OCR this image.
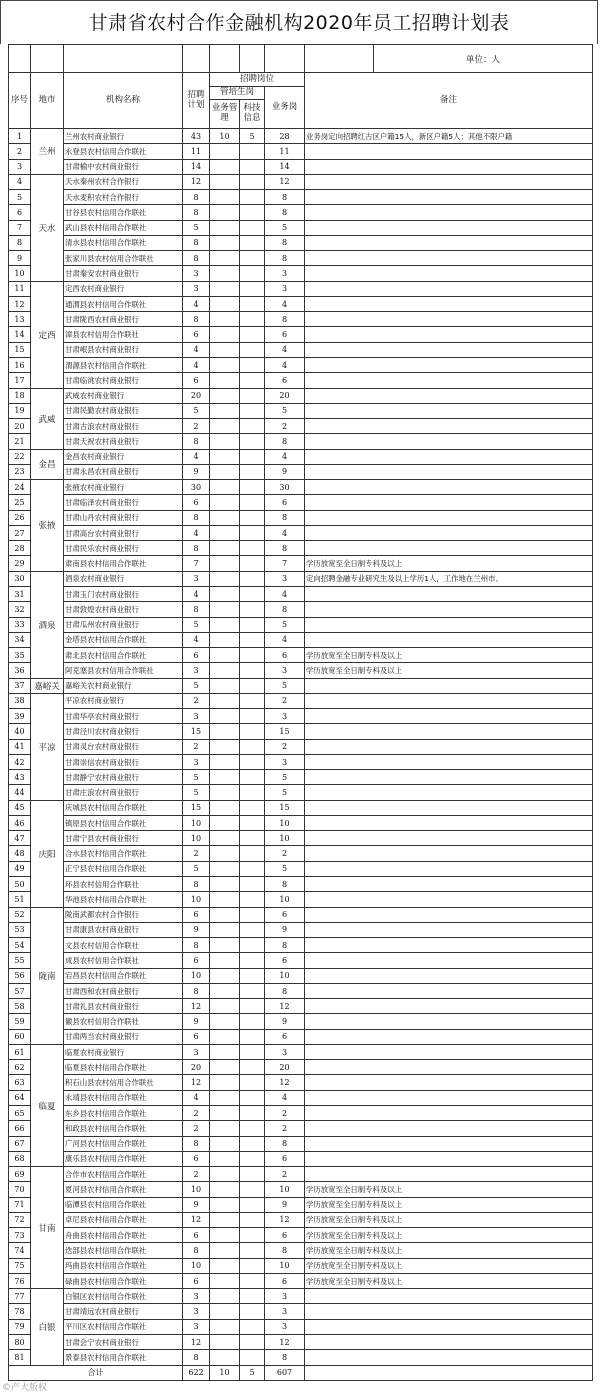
甘肃省农村合作金融机构2020年员工招聘计划表
								单位：人
序号	地市	机构名称	招聘计划	招聘岗位			备注	
				管培生岗		业务岗		
				业务管理	科技信息			
1	兰州	兰州农村商业银行	43	10	5	28	业务岗定向招聘红古区户籍15人，新区户籍5人；其他不限户籍	
2		永登县农村信用合作联社	11			11		
3		甘肃榆中农村商业银行	14			14		
4	天水	天水秦州农村合作银行	12			12		
5		天水麦积农村合作银行	8			8		
6		甘谷县农村信用合作联社	8			8		
7		武山县农村信用合作联社	5			5		
8		清水县农村信用合作联社	8			8		
9		张家川县农村信用合作联社	8			8		
10		甘肃秦安农村商业银行	3			3		
11	定西	定西农村商业银行	3			3		
12		通渭县农村信用合作联社	4			4		
13		甘肃陇西农村商业银行	8			8		
14		漳县农村信用合作联社	6			6		
15		甘肃岷县农村商业银行	4			4		
16		渭源县农村信用合作联社	4			4		
17		甘肃临洮农村商业银行	6			6		
18	武威	武威农村商业银行	20			20		
19		甘肃民勤农村商业银行	5			5		
20		甘肃古浪农村商业银行	2			2		
21		甘肃天祝农村商业银行	8			8		
22	金昌	金昌农村商业银行	4			4		
23		甘肃永昌农村商业银行	9			9		
24	张掖	张掖农村商业银行	30			30		
25		甘肃临泽农村商业银行	6			6		
26		甘肃山丹农村商业银行	8			8		
27		甘肃高台农村商业银行	4			4		
28		甘肃民乐农村商业银行	8			8		
29		肃南县农村信用合作联社	7			7	学历放宽至全日制专科及以上	
30	酒泉	酒泉农村商业银行	3			3	定向招聘金融专业研究生及以上学历1人，工作地在兰州市。	
31		甘肃玉门农村商业银行	4			4		
32		甘肃敦煌农村商业银行	8			8		
33		甘肃瓜州农村商业银行	5			5		
34		金塔县农村信用合作联社	4			4		
35		肃北县农村信用合作联社	6			6	学历放宽至全日制专科及以上	
36		阿克塞县农村信用合作联社	3			3	学历放宽至全日制专科及以上	
37	嘉峪关	嘉峪关农村商业银行	5			5		
38	平凉	平凉农村商业银行	2			2		
39		甘肃华亭农村商业银行	3			3		
40		甘肃泾川农村商业银行	15			15		
41		甘肃灵台农村商业银行	2			2		
42		甘肃崇信农村商业银行	3			3		
43		甘肃静宁农村商业银行	5			5		
44		甘肃庄浪农村商业银行	5			5		
45	庆阳	庆城县农村信用合作联社	15			15		
46		镇原县农村信用合作联社	10			10		
47		甘肃宁县农村商业银行	10			10		
48		合水县农村信用合作联社	2			2		
49		正宁县农村信用合作联社	5			5		
50		环县农村信用合作联社	8			8		
51		华池县农村信用合作联社	10			10		
52	陇南	陇南武都农村合作银行	6			6		
53		甘肃康县农村商业银行	9			9		
54		文县农村信用合作联社	8			8		
55		成县农村信用合作联社	6			6		
56		宕昌县农村信用合作联社	10			10		
57		甘肃西和农村商业银行	8			8		
58		甘肃礼县农村商业银行	12			12		
59		徽县农村信用合作联社	9			9		
60		甘肃两当农村商业银行	6			6		
61	临夏	临夏农村商业银行	3			3		
62		临夏县农村信用合作联社	20			20		
63		积石山县农村信用合作联社	12			12		
64		永靖县农村信用合作联社	4			4		
65		东乡县农村信用合作联社	2			2		
66		和政县农村信用合作联社	2			2		
67		广河县农村信用合作联社	8			8		
68		康乐县农村信用合作联社	6			6		
69	甘南	合作市农村信用合作联社	2			2		
70		夏河县农村信用合作联社	10			10	学历放宽至全日制专科及以上	
71		临潭县农村信用合作联社	9			9	学历放宽至全日制专科及以上	
72		卓尼县农村信用合作联社	12			12	学历放宽至全日制专科及以上	
73		舟曲县农村信用合作联社	6			6	学历放宽至全日制专科及以上	
74		迭部县农村信用合作联社	8			8	学历放宽至全日制专科及以上	
75		玛曲县农村信用合作联社	10			10	学历放宽至全日制专科及以上	
76		碌曲县农村信用合作联社	6			6	学历放宽至全日制专科及以上	
77	白银	白银区农村信用合作联社	3			3		
78		甘肃靖远农村商业银行	3			3		
79		平川区农村信用合作联社	3			3		
80		甘肃会宁农村商业银行	12			12		
81		景泰县农村信用合作联社	8			8		
合计			622	10	5	607		
©产大版权
